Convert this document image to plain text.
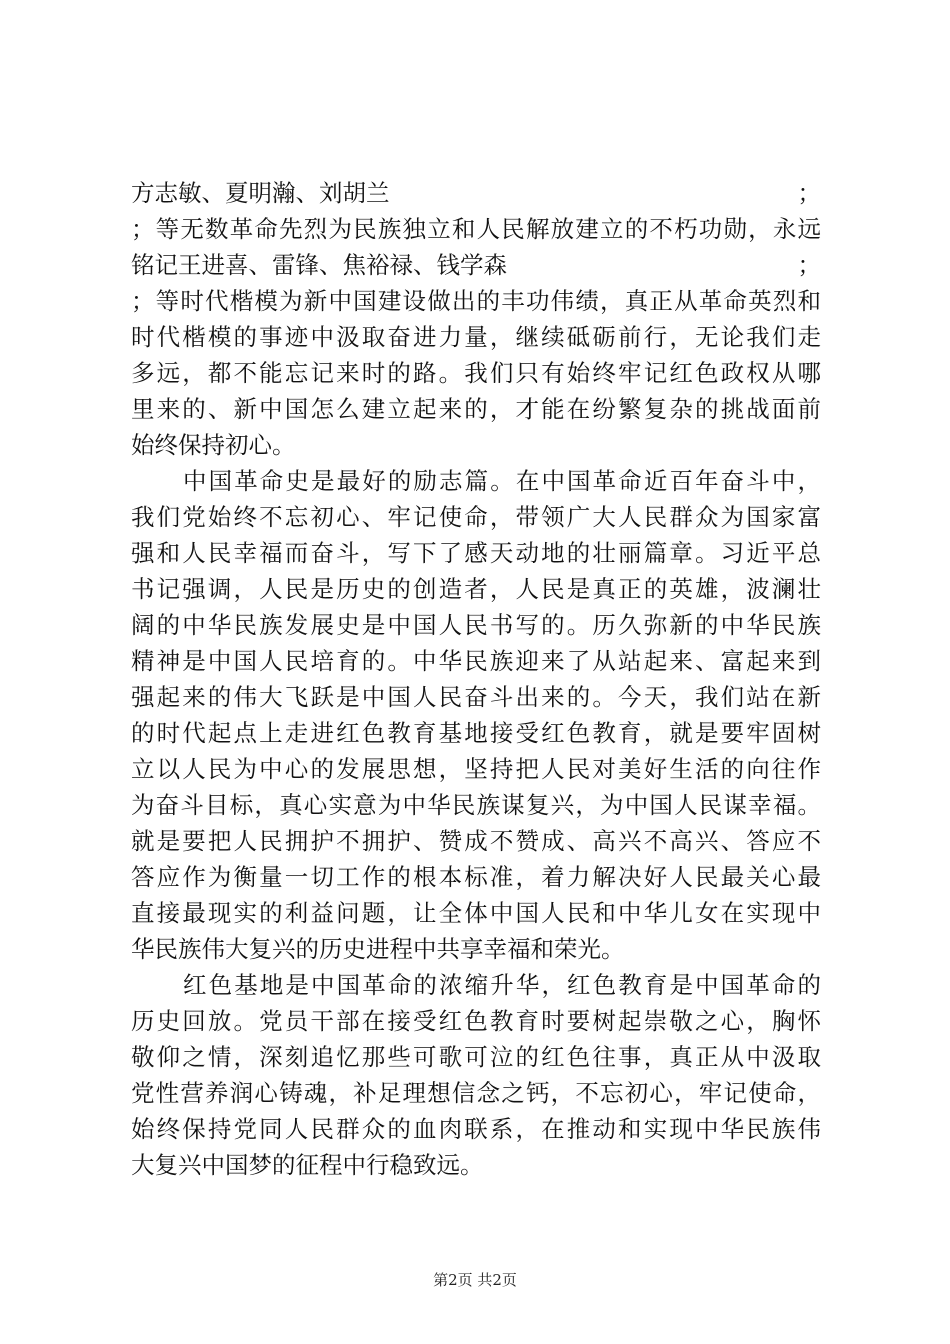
方志敏、夏明瀚、刘胡兰	；
；等无数革命先烈为民族独立和人民解放建立的不朽功勋，永远
铭记王进喜、雷锋、焦裕禄、钱学森	；
；等时代楷模为新中国建设做出的丰功伟绩，真正从革命英烈和
时代楷模的事迹中汲取奋进力量，继续砥砺前行，无论我们走
多远，都不能忘记来时的路。我们只有始终牢记红色政权从哪
里来的、新中国怎么建立起来的，才能在纷繁复杂的挑战面前
始终保持初心。
中国革命史是最好的励志篇。在中国革命近百年奋斗中，
我们党始终不忘初心、牢记使命，带领广大人民群众为国家富
强和人民幸福而奋斗，写下了感天动地的壮丽篇章。习近平总
书记强调，人民是历史的创造者，人民是真正的英雄，波澜壮
阔的中华民族发展史是中国人民书写的。历久弥新的中华民族
精神是中国人民培育的。中华民族迎来了从站起来、富起来到
强起来的伟大飞跃是中国人民奋斗出来的。今天，我们站在新
的时代起点上走进红色教育基地接受红色教育，就是要牢固树
立以人民为中心的发展思想，坚持把人民对美好生活的向往作
为奋斗目标，真心实意为中华民族谋复兴，为中国人民谋幸福。
就是要把人民拥护不拥护、赞成不赞成、高兴不高兴、答应不
答应作为衡量一切工作的根本标准，着力解决好人民最关心最
直接最现实的利益问题，让全体中国人民和中华儿女在实现中
华民族伟大复兴的历史进程中共享幸福和荣光。
红色基地是中国革命的浓缩升华，红色教育是中国革命的
历史回放。党员干部在接受红色教育时要树起崇敬之心，胸怀
敬仰之情，深刻追忆那些可歌可泣的红色往事，真正从中汲取
党性营养润心铸魂，补足理想信念之钙，不忘初心，牢记使命，
始终保持党同人民群众的血肉联系，在推动和实现中华民族伟
大复兴中国梦的征程中行稳致远。
第2页 共2页
